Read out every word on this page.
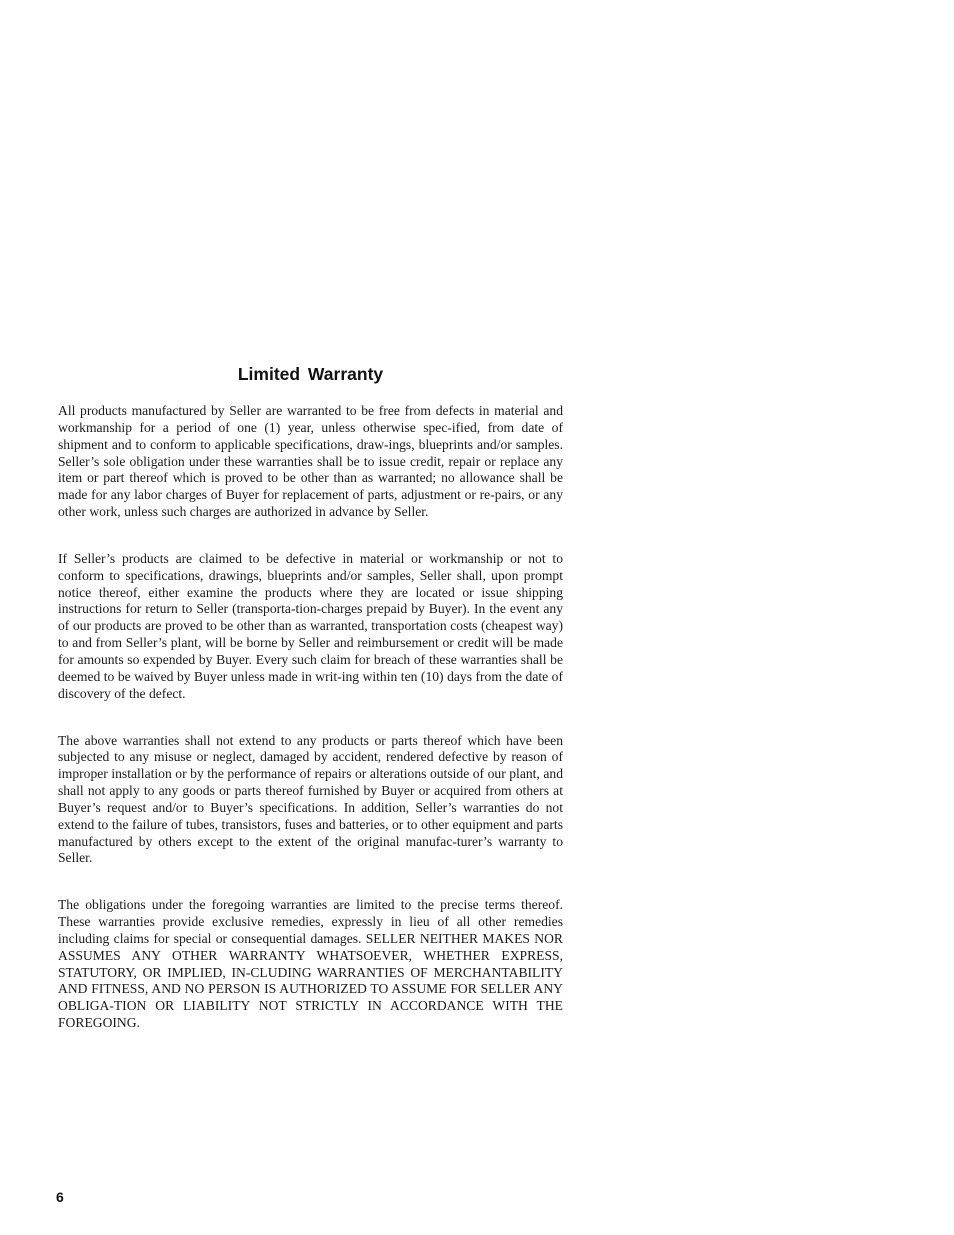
Limited Warranty

All products manufactured by Seller are warranted to be free from defects in material and workmanship for a period of one (1) year, unless otherwise spec-ified, from date of shipment and to conform to applicable specifications, draw-ings, blueprints and/or samples. Seller’s sole obligation under these warranties shall be to issue credit, repair or replace any item or part thereof which is proved to be other than as warranted; no allowance shall be made for any labor charges of Buyer for replacement of parts, adjustment or re-pairs, or any other work, unless such charges are authorized in advance by Seller.

If Seller’s products are claimed to be defective in material or workmanship or not to conform to specifications, drawings, blueprints and/or samples, Seller shall, upon prompt notice thereof, either examine the products where they are located or issue shipping instructions for return to Seller (transporta-tion-charges prepaid by Buyer). In the event any of our products are proved to be other than as warranted, transportation costs (cheapest way) to and from Seller’s plant, will be borne by Seller and reimbursement or credit will be made for amounts so expended by Buyer. Every such claim for breach of these warranties shall be deemed to be waived by Buyer unless made in writ-ing within ten (10) days from the date of discovery of the defect.

The above warranties shall not extend to any products or parts thereof which have been subjected to any misuse or neglect, damaged by accident, rendered defective by reason of improper installation or by the performance of repairs or alterations outside of our plant, and shall not apply to any goods or parts thereof furnished by Buyer or acquired from others at Buyer’s request and/or to Buyer’s specifications. In addition, Seller’s warranties do not extend to the failure of tubes, transistors, fuses and batteries, or to other equipment and parts manufactured by others except to the extent of the original manufac-turer’s warranty to Seller.

The obligations under the foregoing warranties are limited to the precise terms thereof. These warranties provide exclusive remedies, expressly in lieu of all other remedies including claims for special or consequential damages. SELLER NEITHER MAKES NOR ASSUMES ANY OTHER WARRANTY WHATSOEVER, WHETHER EXPRESS, STATUTORY, OR IMPLIED, IN-CLUDING WARRANTIES OF MERCHANTABILITY AND FITNESS, AND NO PERSON IS AUTHORIZED TO ASSUME FOR SELLER ANY OBLIGA-TION OR LIABILITY NOT STRICTLY IN ACCORDANCE WITH THE FOREGOING.

6
